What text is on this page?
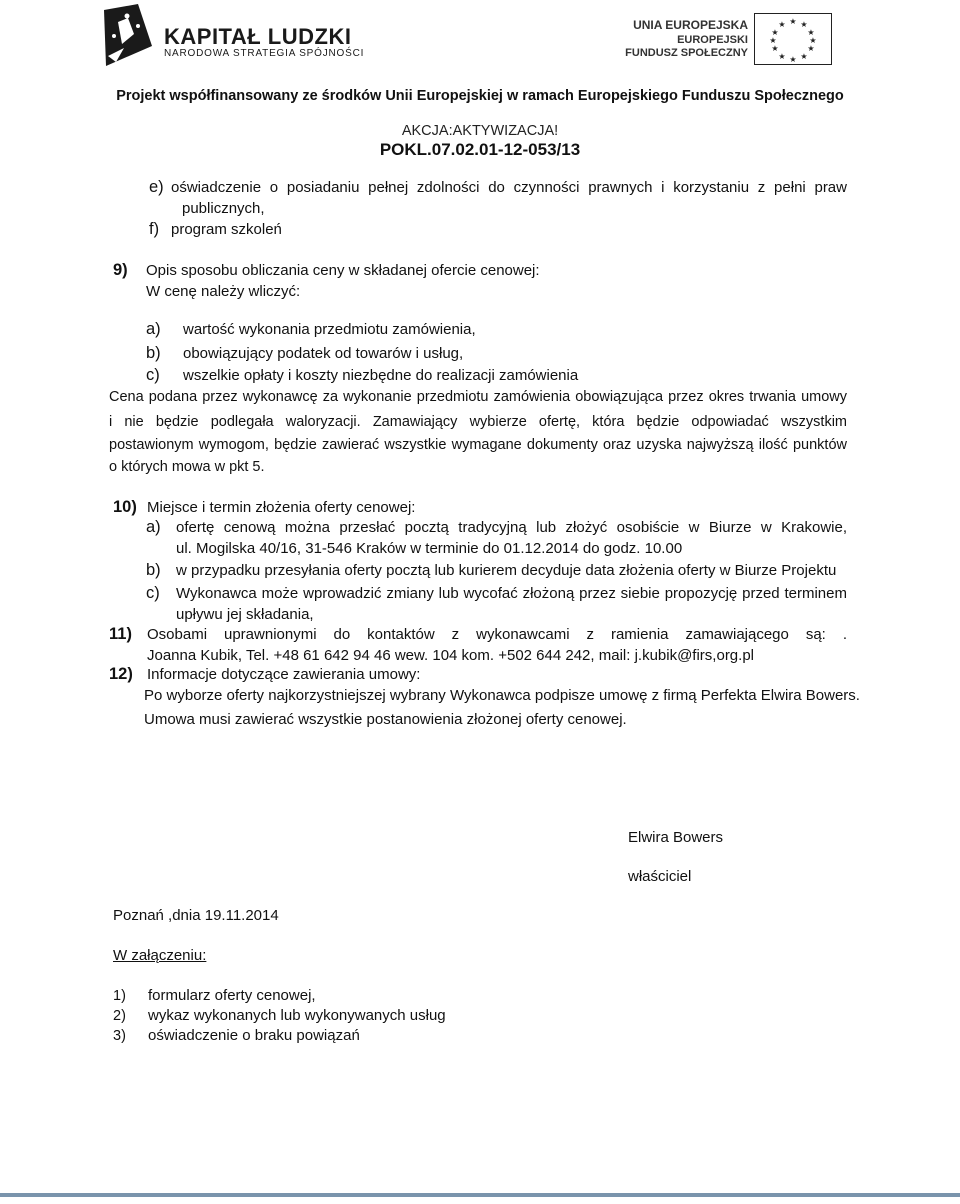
KAPITAŁ LUDZKI
NARODOWA STRATEGIA SPÓJNOŚCI
UNIA EUROPEJSKA
EUROPEJSKI
FUNDUSZ SPOŁECZNY
★ ★
★
★
★
★
★
★
★
★
★
★
Projekt współfinansowany ze środków Unii Europejskiej w ramach Europejskiego Funduszu Społecznego
AKCJA:AKTYWIZACJA!
POKL.07.02.01-12-053/13
e) oświadczenie o posiadaniu pełnej zdolności do czynności prawnych i korzystaniu z pełni praw
publicznych,
f) program szkoleń
9) Opis sposobu obliczania ceny w składanej ofercie cenowej:
W cenę należy wliczyć:
a) wartość wykonania przedmiotu zamówienia,
b) obowiązujący podatek od towarów i usług,
c) wszelkie opłaty i koszty niezbędne do realizacji zamówienia
Cena podana przez wykonawcę za wykonanie przedmiotu zamówienia obowiązująca przez okres trwania umowy
i nie będzie podlegała waloryzacji. Zamawiający wybierze ofertę, która będzie odpowiadać wszystkim
postawionym wymogom, będzie zawierać wszystkie wymagane dokumenty oraz uzyska najwyższą ilość punktów
o których mowa w pkt 5.
10) Miejsce i termin złożenia oferty cenowej:
a) ofertę cenową można przesłać pocztą tradycyjną lub złożyć osobiście w Biurze w Krakowie,
ul. Mogilska 40/16, 31-546 Kraków w terminie do 01.12.2014 do godz. 10.00
b) w przypadku przesyłania oferty pocztą lub kurierem decyduje data złożenia oferty w Biurze Projektu
c) Wykonawca może wprowadzić zmiany lub wycofać złożoną przez siebie propozycję przed terminem
upływu jej składania,
11) Osobami uprawnionymi do kontaktów z wykonawcami z ramienia zamawiającego są: .
Joanna Kubik, Tel. +48 61 642 94 46 wew. 104 kom. +502 644 242, mail: j.kubik@firs,org.pl
12) Informacje dotyczące zawierania umowy:
Po wyborze oferty najkorzystniejszej wybrany Wykonawca podpisze umowę z firmą Perfekta Elwira Bowers.
Umowa musi zawierać wszystkie postanowienia złożonej oferty cenowej.
Elwira Bowers
właściciel
Poznań ,dnia 19.11.2014
W załączeniu:
1) formularz oferty cenowej,
2) wykaz wykonanych lub wykonywanych usług
3) oświadczenie o braku powiązań
